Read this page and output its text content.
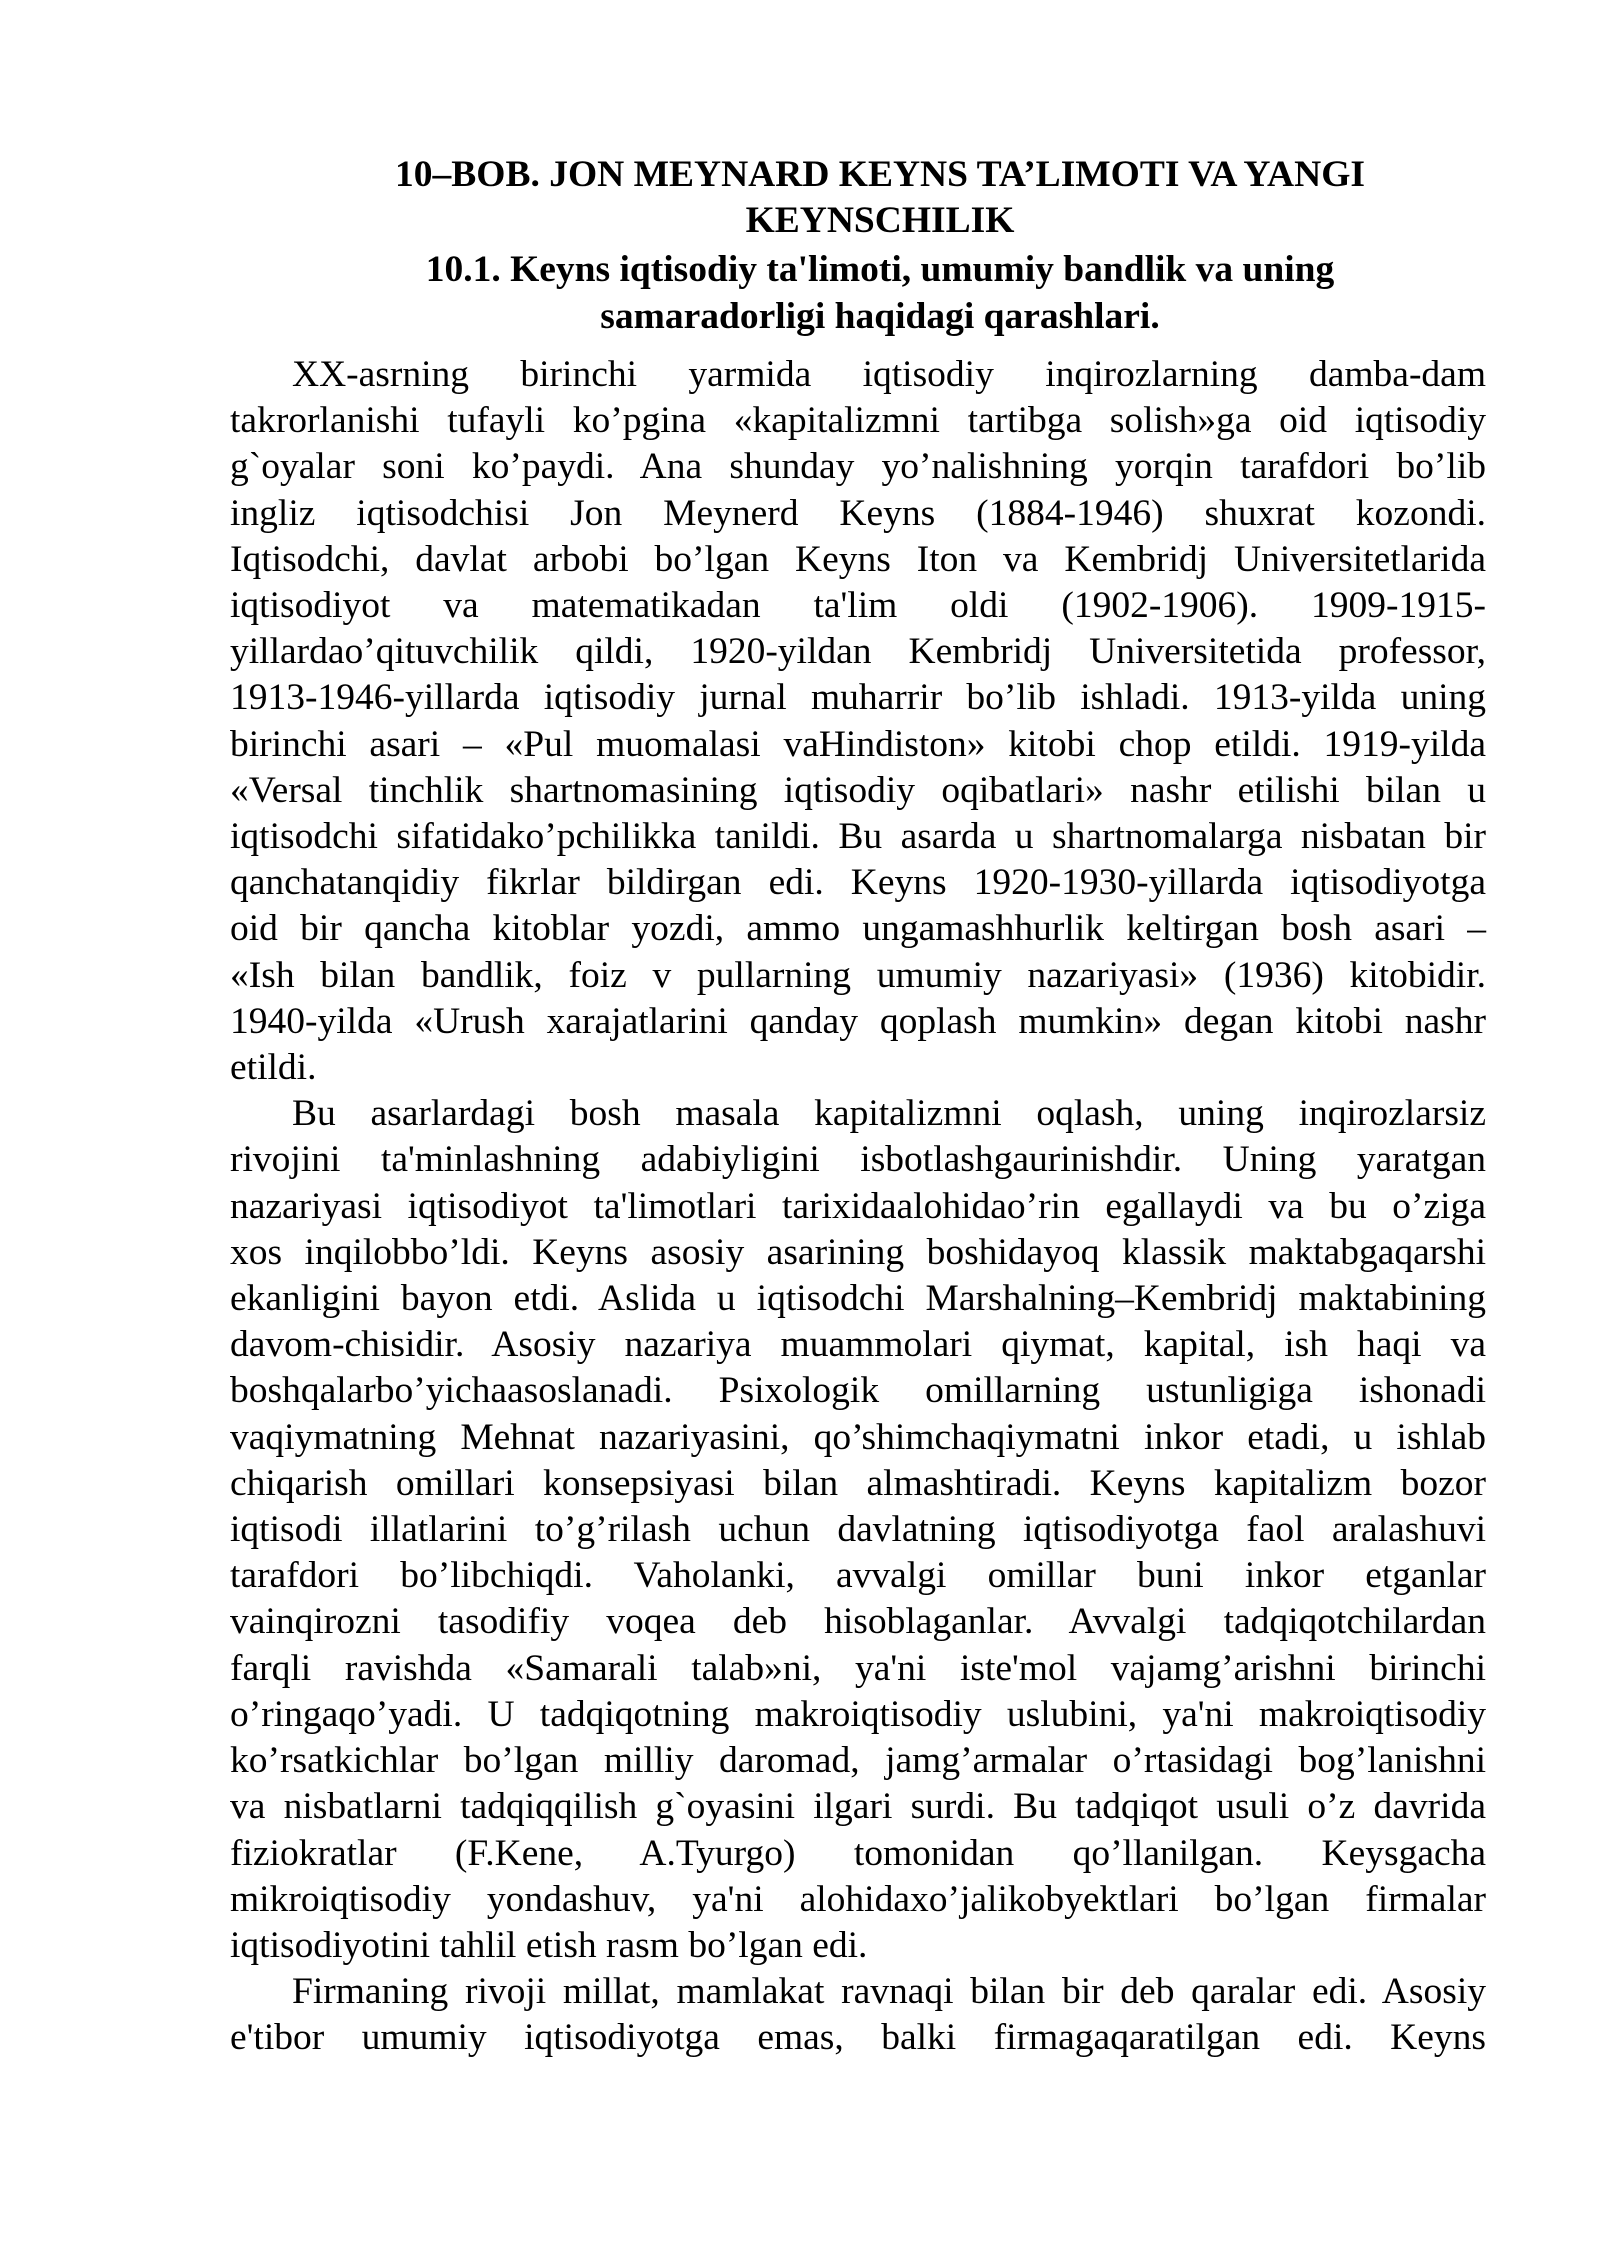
10–BOB. JON MEYNARD KEYNS TA’LIMOTI VA YANGI
KEYNSCHILIK
10.1. Keyns iqtisodiy ta'limoti, umumiy bandlik va uning
samaradorligi haqidagi qarashlari.
XX-asrning birinchi yarmida iqtisodiy inqirozlarning damba-dam
takrorlanishi tufayli ko’pgina «kapitalizmni tartibga solish»ga oid iqtisodiy
g`oyalar soni ko’paydi. Ana shunday yo’nalishning yorqin tarafdori bo’lib
ingliz iqtisodchisi Jon Meynerd Keyns (1884-1946) shuxrat kozondi.
Iqtisodchi, davlat arbobi bo’lgan Keyns Iton va Kembridj Universitetlarida
iqtisodiyot va matematikadan ta'lim oldi (1902-1906). 1909-1915-
yillardao’qituvchilik qildi, 1920-yildan Kembridj Universitetida professor,
1913-1946-yillarda iqtisodiy jurnal muharrir bo’lib ishladi. 1913-yilda uning
birinchi asari – «Pul muomalasi vaHindiston» kitobi chop etildi. 1919-yilda
«Versal tinchlik shartnomasining iqtisodiy oqibatlari» nashr etilishi bilan u
iqtisodchi sifatidako’pchilikka tanildi. Bu asarda u shartnomalarga nisbatan bir
qanchatanqidiy fikrlar bildirgan edi. Keyns 1920-1930-yillarda iqtisodiyotga
oid bir qancha kitoblar yozdi, ammo ungamashhurlik keltirgan bosh asari –
«Ish bilan bandlik, foiz v pullarning umumiy nazariyasi» (1936) kitobidir.
1940-yilda «Urush xarajatlarini qanday qoplash mumkin» degan kitobi nashr
etildi.
Bu asarlardagi bosh masala kapitalizmni oqlash, uning inqirozlarsiz
rivojini ta'minlashning adabiyligini isbotlashgaurinishdir. Uning yaratgan
nazariyasi iqtisodiyot ta'limotlari tarixidaalohidao’rin egallaydi va bu o’ziga
xos inqilobbo’ldi. Keyns asosiy asarining boshidayoq klassik maktabgaqarshi
ekanligini bayon etdi. Aslida u iqtisodchi Marshalning–Kembridj maktabining
davom-chisidir. Asosiy nazariya muammolari qiymat, kapital, ish haqi va
boshqalarbo’yichaasoslanadi. Psixologik omillarning ustunligiga ishonadi
vaqiymatning Mehnat nazariyasini, qo’shimchaqiymatni inkor etadi, u ishlab
chiqarish omillari konsepsiyasi bilan almashtiradi. Keyns kapitalizm bozor
iqtisodi illatlarini to’g’rilash uchun davlatning iqtisodiyotga faol aralashuvi
tarafdori bo’libchiqdi. Vaholanki, avvalgi omillar buni inkor etganlar
vainqirozni tasodifiy voqea deb hisoblaganlar. Avvalgi tadqiqotchilardan
farqli ravishda «Samarali talab»ni, ya'ni iste'mol vajamg’arishni birinchi
o’ringaqo’yadi. U tadqiqotning makroiqtisodiy uslubini, ya'ni makroiqtisodiy
ko’rsatkichlar bo’lgan milliy daromad, jamg’armalar o’rtasidagi bog’lanishni
va nisbatlarni tadqiqqilish g`oyasini ilgari surdi. Bu tadqiqot usuli o’z davrida
fiziokratlar (F.Kene, A.Tyurgo) tomonidan qo’llanilgan. Keysgacha
mikroiqtisodiy yondashuv, ya'ni alohidaxo’jalikobyektlari bo’lgan firmalar
iqtisodiyotini tahlil etish rasm bo’lgan edi.
Firmaning rivoji millat, mamlakat ravnaqi bilan bir deb qaralar edi. Asosiy
e'tibor umumiy iqtisodiyotga emas, balki firmagaqaratilgan edi. Keyns
